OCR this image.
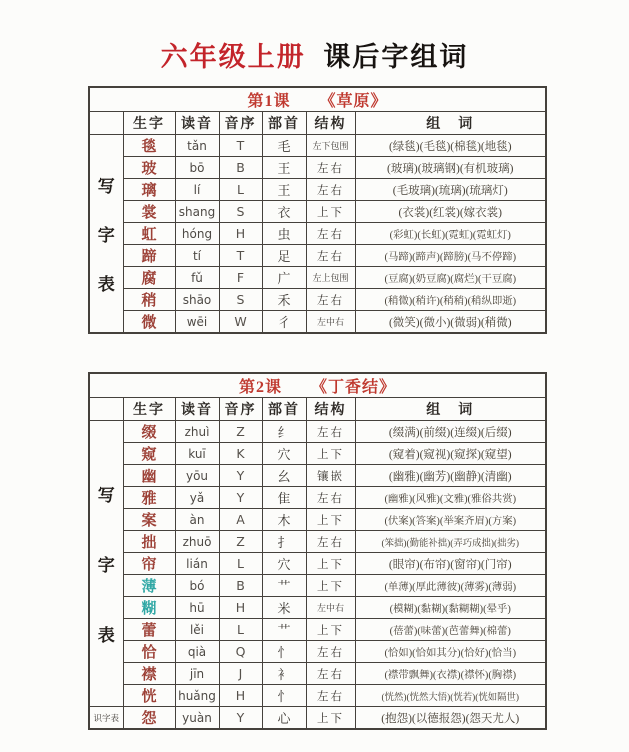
六年级上册 课后字组词
第1课 《草原》						
	生字	读音	音序	部首	结构	组　词

写
字
表	毯	tǎn	T	毛	左下包围	(绿毯)(毛毯)(棉毯)(地毯)
	玻	bō	B	王	左右	(玻璃)(玻璃钢)(有机玻璃)
	璃	lí	L	王	左右	(毛玻璃)(琉璃)(琉璃灯)
	裳	shang	S	衣	上下	(衣裳)(红裳)(嫁衣裳)
	虹	hóng	H	虫	左右	(彩虹)(长虹)(霓虹)(霓虹灯)
	蹄	tí	T	足	左右	(马蹄)(蹄声)(蹄膀)(马不停蹄)
	腐	fǔ	F	广	左上包围	(豆腐)(奶豆腐)(腐烂)(干豆腐)
	稍	shāo	S	禾	左右	(稍微)(稍许)(稍稍)(稍纵即逝)
	微	wēi	W	彳	左中右	(微笑)(微小)(微弱)(稍微)
第2课 《丁香结》						
	生字	读音	音序	部首	结构	组　词

写
字
表	缀	zhuì	Z	纟	左右	(缀满)(前缀)(连缀)(后缀)
	窥	kuī	K	穴	上下	(窥着)(窥视)(窥探)(窥望)
	幽	yōu	Y	幺	镶嵌	(幽雅)(幽芳)(幽静)(清幽)
	雅	yǎ	Y	隹	左右	(幽雅)(风雅)(文雅)(雅俗共赏)
	案	àn	A	木	上下	(伏案)(答案)(举案齐眉)(方案)
	拙	zhuō	Z	扌	左右	(笨拙)(勤能补拙)(弄巧成拙)(拙劣)
	帘	lián	L	穴	上下	(眼帘)(布帘)(窗帘)(门帘)
	薄	bó	B	艹	上下	(单薄)(厚此薄彼)(薄雾)(薄弱)
	糊	hū	H	米	左中右	(模糊)(黏糊)(黏糊糊)(晕乎)
	蕾	lěi	L	艹	上下	(蓓蕾)(味蕾)(芭蕾舞)(棉蕾)
	恰	qià	Q	忄	左右	(恰如)(恰如其分)(恰好)(恰当)
	襟	jīn	J	衤	左右	(襟带飘舞)(衣襟)(襟怀)(胸襟)
	恍	huǎng	H	忄	左右	(恍然)(恍然大悟)(恍若)(恍如隔世)
识字表	怨	yuàn	Y	心	上下	(抱怨)(以德报怨)(怨天尤人)
